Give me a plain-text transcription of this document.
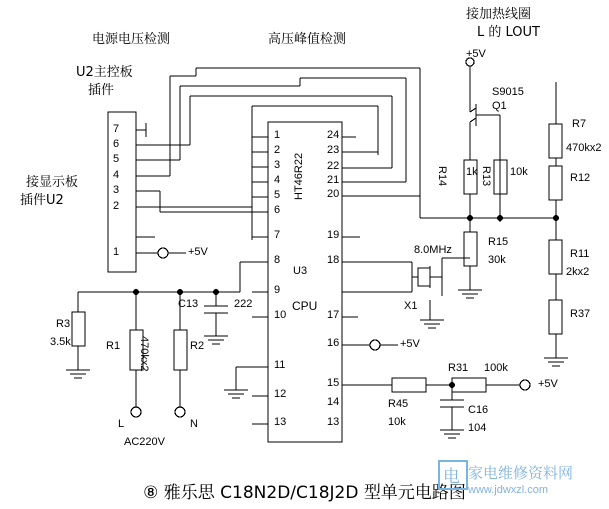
电源电压检测	高压峰值检测
接加热线圈
L 的 LOUT
U2主控板
插件
接显示板
插件U2
7
6
5
4
3
2
1
1
2
3
4
5
6
7
8
9
10
11
12
13
24
23
22
21
20
19
18
17
16
15
14
13
HT46R22
U3
CPU
S9015
Q1
R7
470kx2
R12
R11
2kx2
R37
R13 10k
R14 1k
R15
30k
R3
3.5k	R1 470kx2	R2
C13	222
L	N
AC220V
X1
8.0MHz
R31 100k
R45
10k
C16
104
+5V
+5V
+5V
+5V
⑧ 雅乐思 C18N2D/C18J2D 型单元电路图
电 家电维修资料网
www.jdwxzl.com
